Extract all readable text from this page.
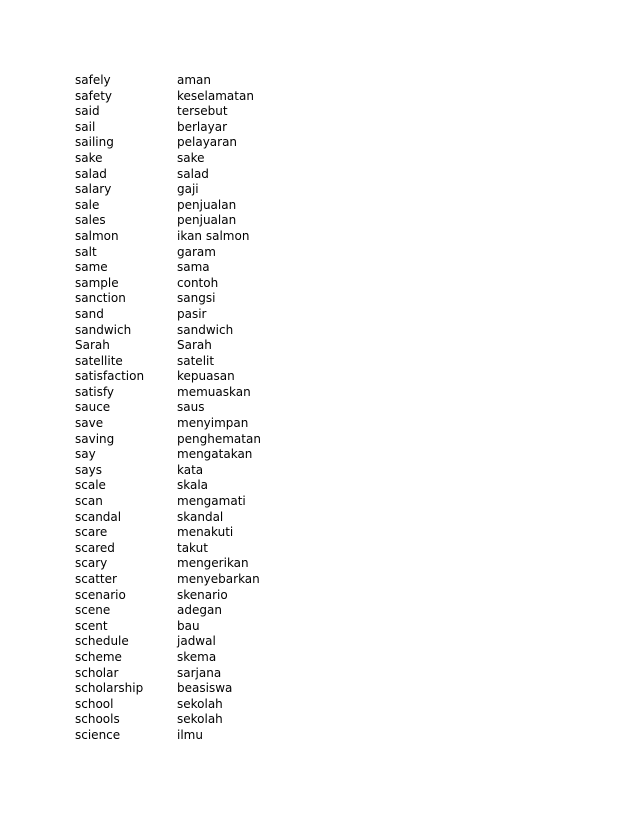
safely	aman
safety	keselamatan
said	tersebut
sail	berlayar
sailing	pelayaran
sake	sake
salad	salad
salary	gaji
sale	penjualan
sales	penjualan
salmon	ikan salmon
salt	garam
same	sama
sample	contoh
sanction	sangsi
sand	pasir
sandwich	sandwich
Sarah	Sarah
satellite	satelit
satisfaction	kepuasan
satisfy	memuaskan
sauce	saus
save	menyimpan
saving	penghematan
say	mengatakan
says	kata
scale	skala
scan	mengamati
scandal	skandal
scare	menakuti
scared	takut
scary	mengerikan
scatter	menyebarkan
scenario	skenario
scene	adegan
scent	bau
schedule	jadwal
scheme	skema
scholar	sarjana
scholarship	beasiswa
school	sekolah
schools	sekolah
science	ilmu
